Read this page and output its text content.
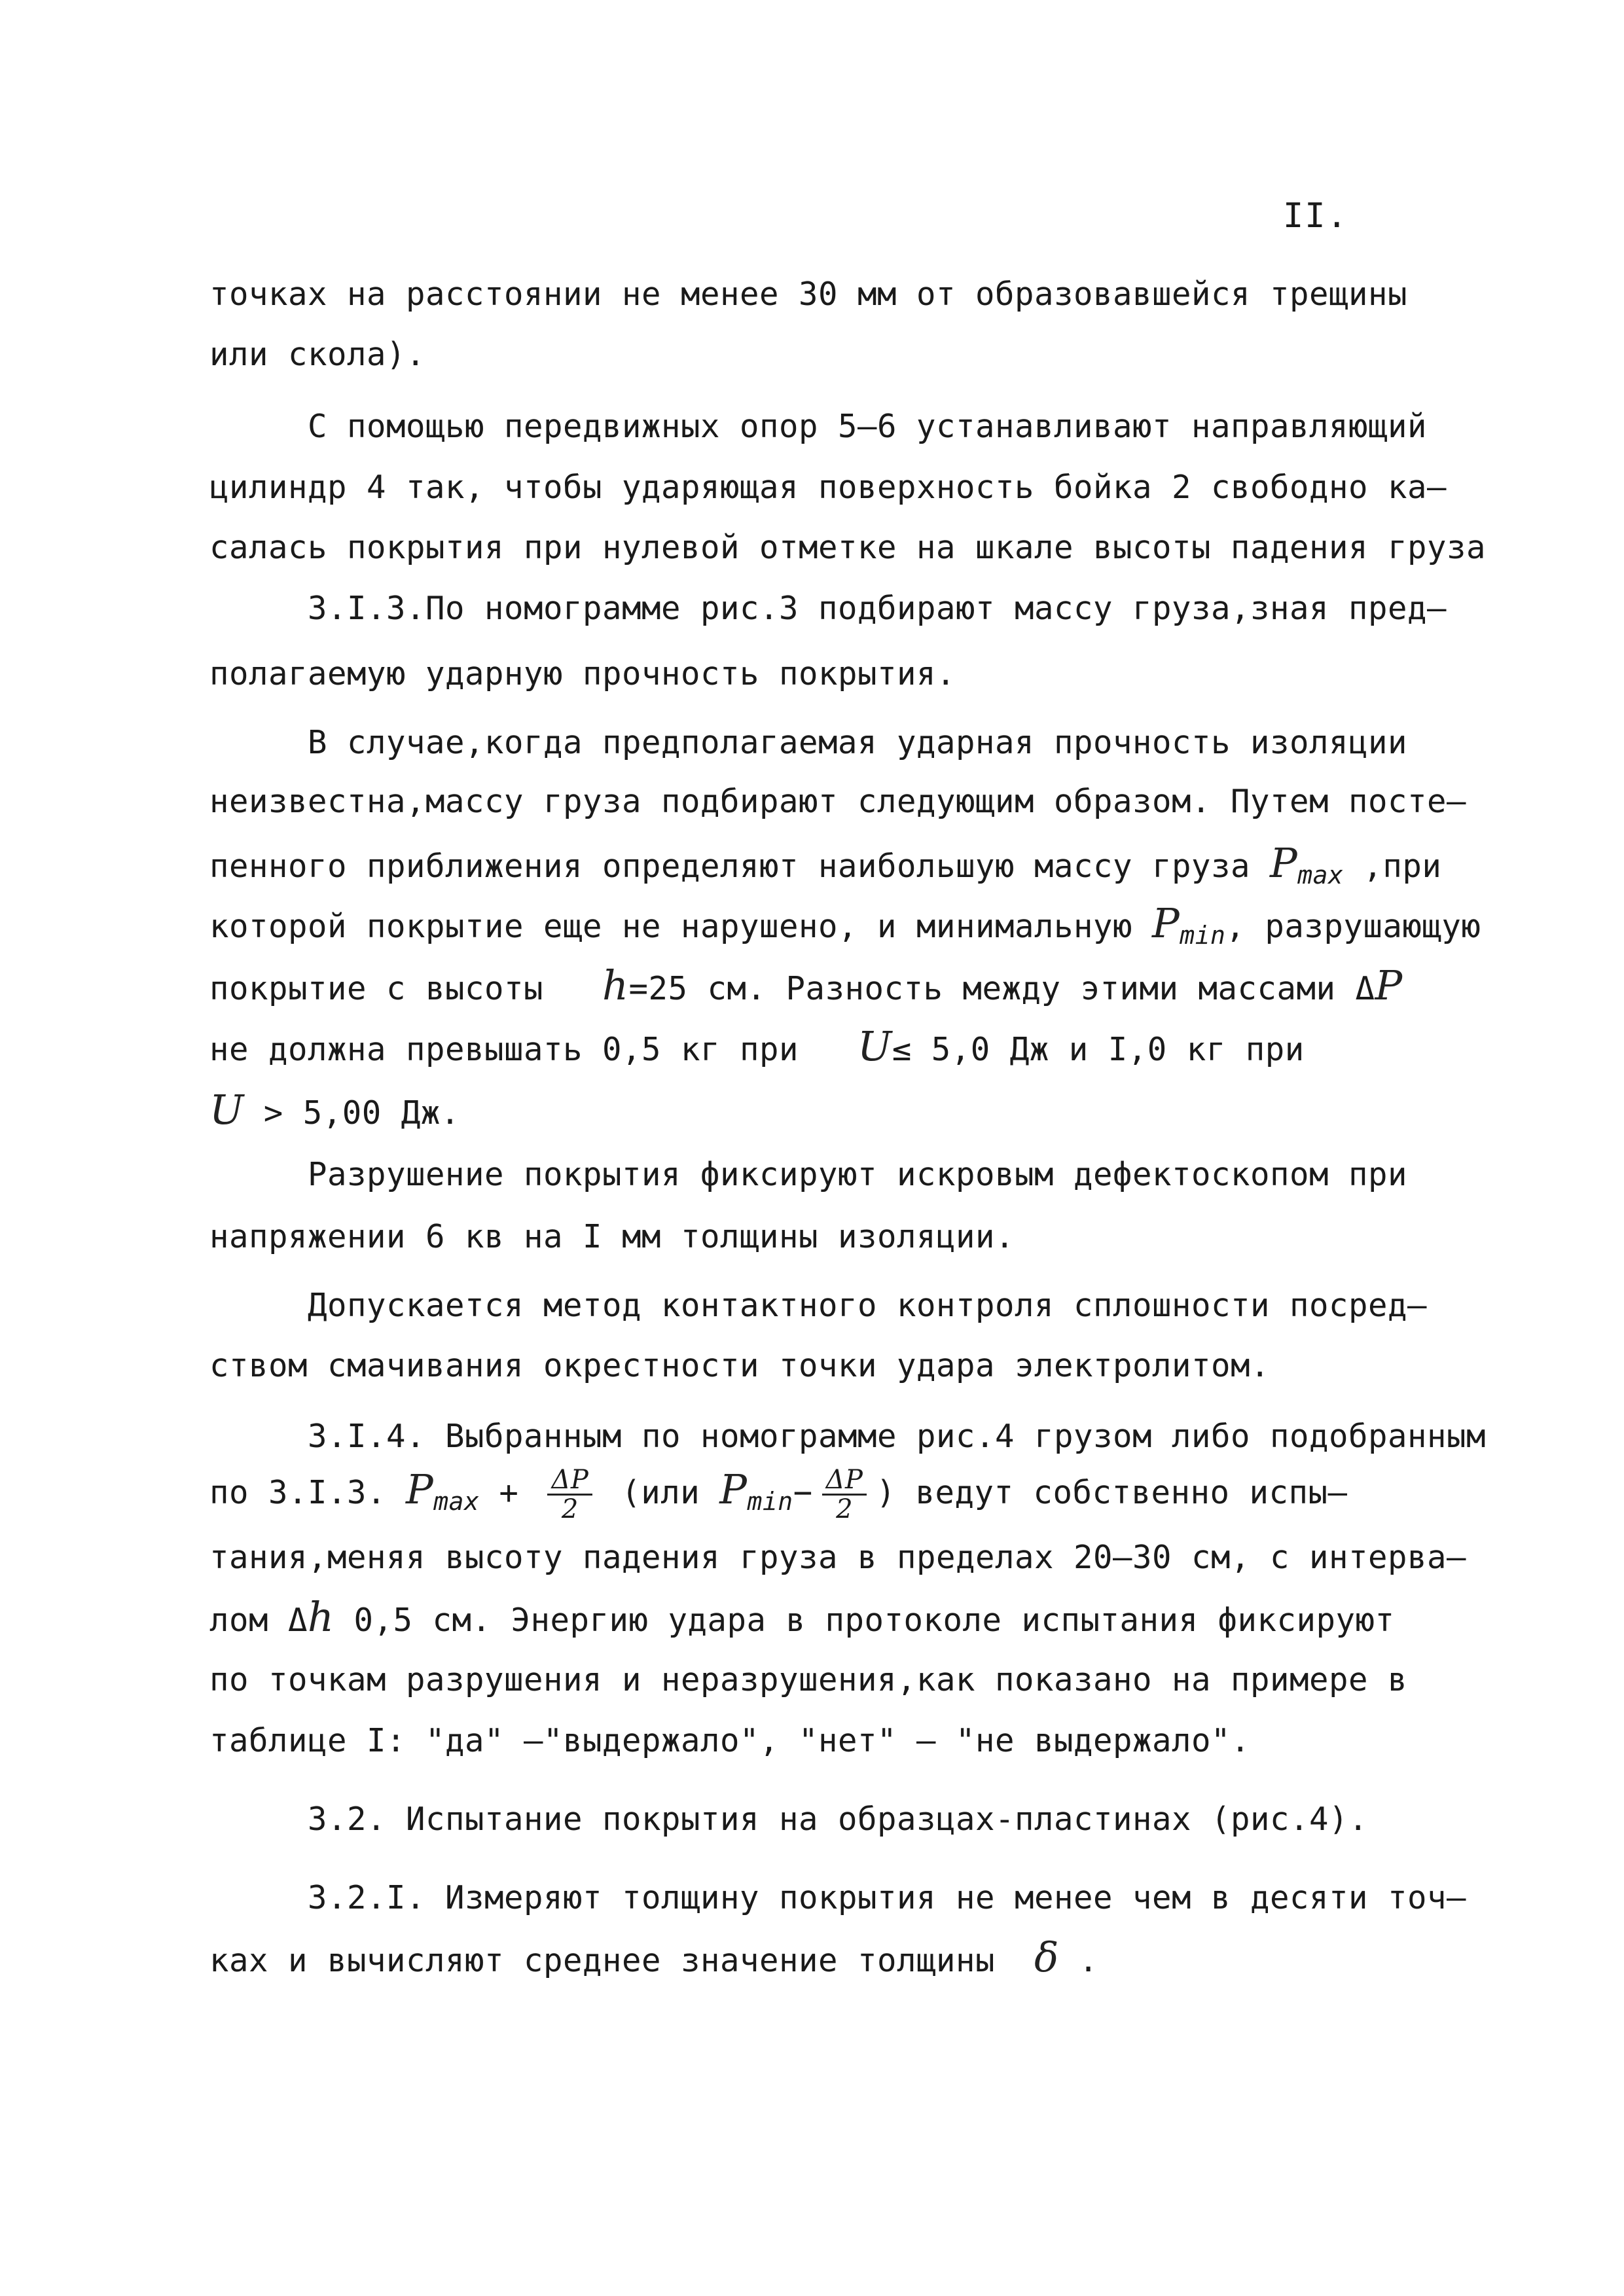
II.
точках на расстоянии не менее 30 мм от образовавшейся трещины
или скола).
С помощью передвижных опор 5–6 устанавливают направляющий
цилиндр 4 так, чтобы ударяющая поверхность бойка 2 свободно ка–
салась покрытия при нулевой отметке на шкале высоты падения груза
3.I.3.По номограмме рис.3 подбирают массу груза,зная пред–
полагаемую ударную прочность покрытия.
В случае,когда предполагаемая ударная прочность изоляции
неизвестна,массу груза подбирают следующим образом. Путем посте–
пенного приближения определяют наибольшую массу груза $P_{max}$ ,при
которой покрытие еще не нарушено, и минимальную $P_{min}$, разрушающую
покрытие с высоты h=25 см. Разность между этими массами ΔP
не должна превышать 0,5 кг при U≤ 5,0 Дж и I,0 кг при
U > 5,00 Дж.
Разрушение покрытия фиксируют искровым дефектоскопом при
напряжении 6 кв на I мм толщины изоляции.
Допускается метод контактного контроля сплошности посред–
ством смачивания окрестности точки удара электролитом.
3.I.4. Выбранным по номограмме рис.4 грузом либо подобранным
по 3.I.3. $P_{max} + \frac{\Delta P}{2} (или$ $P_{min}- \frac{\Delta P}{2}$ ) ведут собственно испы–
тания,меняя высоту падения груза в пределах 20–30 см, с интерва–
лом Δh 0,5 см. Энергию удара в протоколе испытания фиксируют
по точкам разрушения и неразрушения,как показано на примере в
таблице I: "да" –"выдержало", "нет" – "не выдержало".
3.2. Испытание покрытия на образцах-пластинах (рис.4).
3.2.I. Измеряют толщину покрытия не менее чем в десяти точ–
ках и вычисляют среднее значение толщины δ .
